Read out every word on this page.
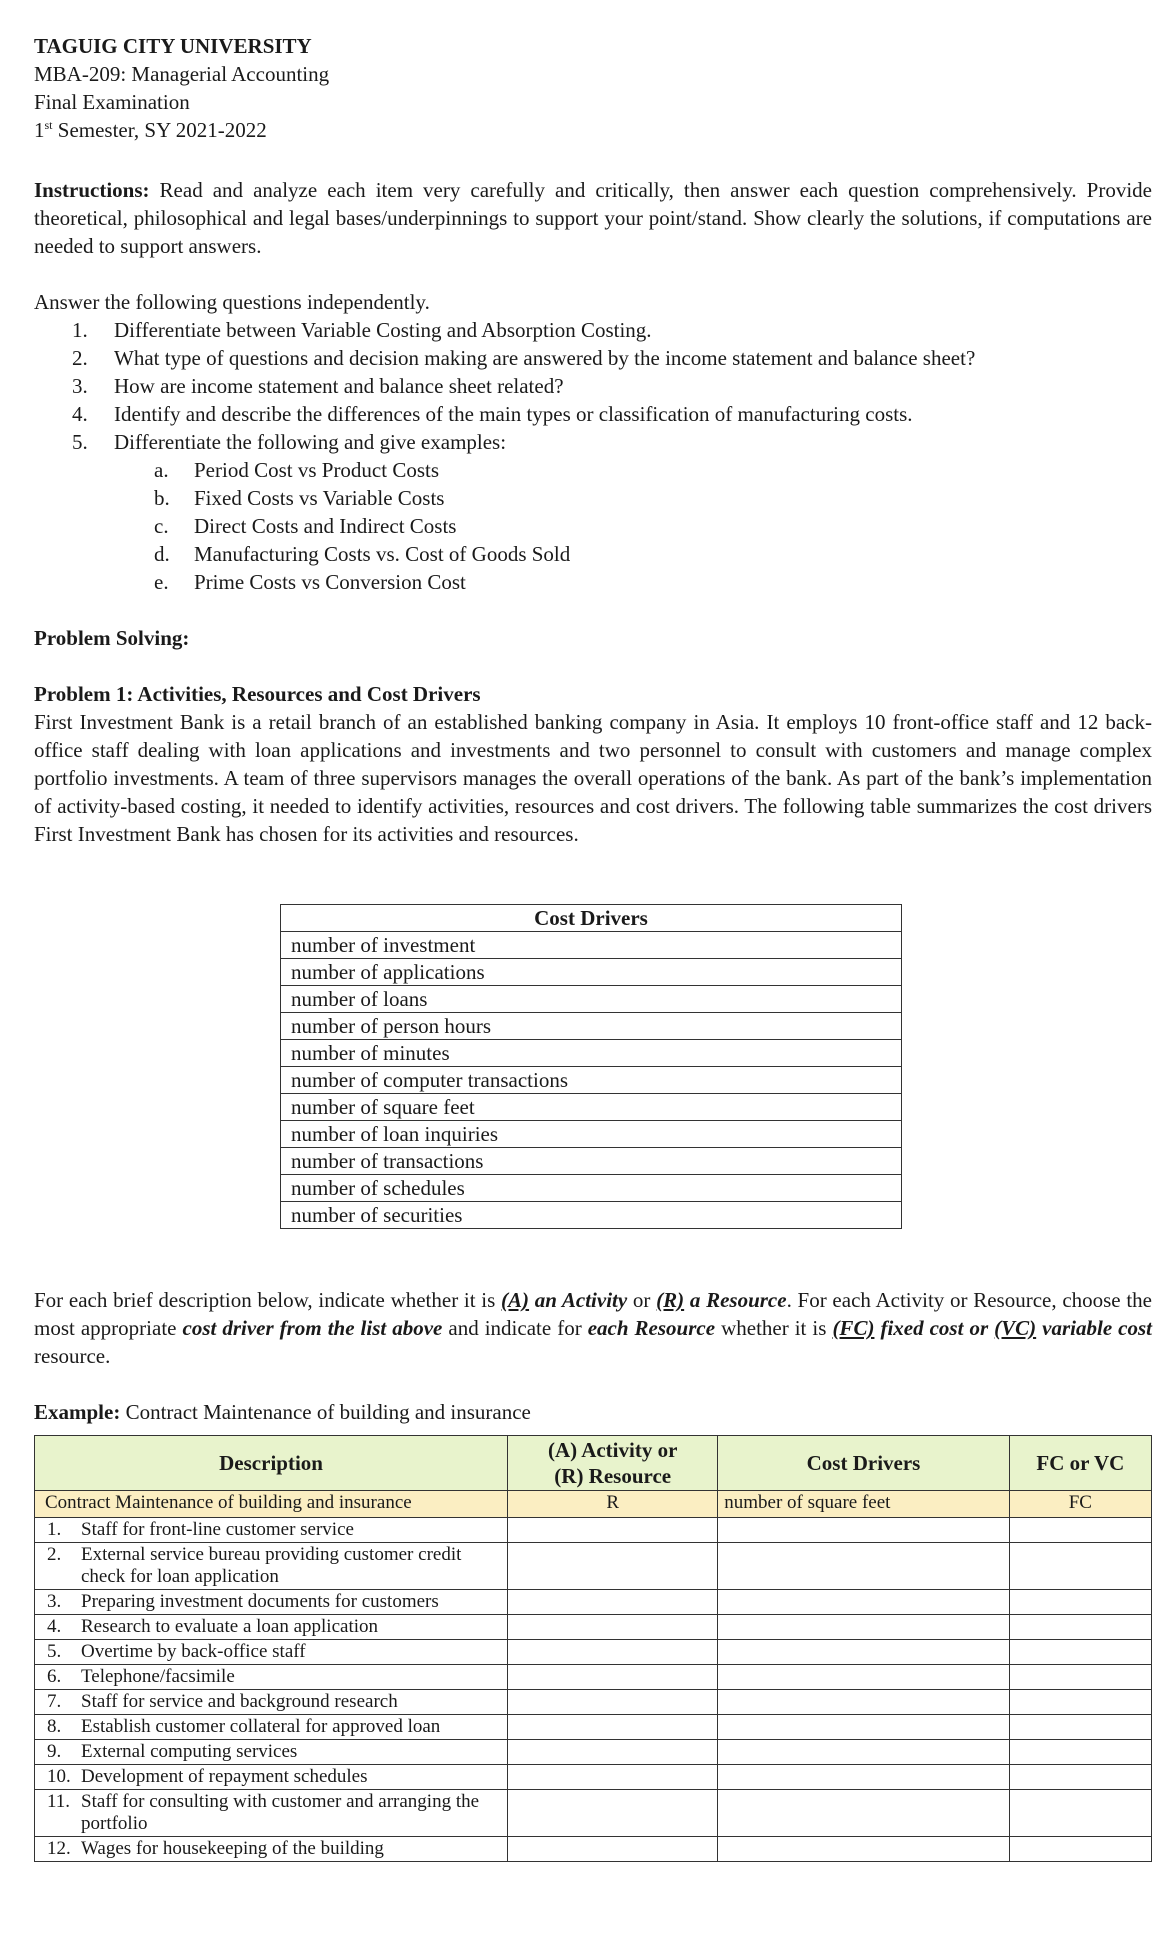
TAGUIG CITY UNIVERSITY
MBA-209: Managerial Accounting
Final Examination
1st Semester, SY 2021-2022
Instructions: Read and analyze each item very carefully and critically, then answer each question comprehensively. Provide theoretical, philosophical and legal bases/underpinnings to support your point/stand. Show clearly the solutions, if computations are needed to support answers.
Answer the following questions independently.
1.	Differentiate between Variable Costing and Absorption Costing.
2.	What type of questions and decision making are answered by the income statement and balance sheet?
3.	How are income statement and balance sheet related?
4.	Identify and describe the differences of the main types or classification of manufacturing costs.
5.	Differentiate the following and give examples:
a.	Period Cost vs Product Costs
b.	Fixed Costs vs Variable Costs
c.	Direct Costs and Indirect Costs
d.	Manufacturing Costs vs. Cost of Goods Sold
e.	Prime Costs vs Conversion Cost
Problem Solving:
Problem 1: Activities, Resources and Cost Drivers
First Investment Bank is a retail branch of an established banking company in Asia. It employs 10 front-office staff and 12 back-office staff dealing with loan applications and investments and two personnel to consult with customers and manage complex portfolio investments. A team of three supervisors manages the overall operations of the bank. As part of the bank’s implementation of activity-based costing, it needed to identify activities, resources and cost drivers. The following table summarizes the cost drivers First Investment Bank has chosen for its activities and resources.
Cost Drivers
number of investment
number of applications
number of loans
number of person hours
number of minutes
number of computer transactions
number of square feet
number of loan inquiries
number of transactions
number of schedules
number of securities
For each brief description below, indicate whether it is (A) an Activity or (R) a Resource. For each Activity or Resource, choose the most appropriate cost driver from the list above and indicate for each Resource whether it is (FC) fixed cost or (VC) variable cost resource.
Example: Contract Maintenance of building and insurance
Description	(A) Activity or
(R) Resource	Cost Drivers	FC or VC
Contract Maintenance of building and insurance	R	number of square feet	FC

1. Staff for front-line customer service			

2. External service bureau providing customer credit check for loan application			

3. Preparing investment documents for customers			

4. Research to evaluate a loan application			

5. Overtime by back-office staff			

6. Telephone/facsimile			

7. Staff for service and background research			

8. Establish customer collateral for approved loan			

9. External computing services			

10. Development of repayment schedules			

11. Staff for consulting with customer and arranging the portfolio			

12. Wages for housekeeping of the building			
